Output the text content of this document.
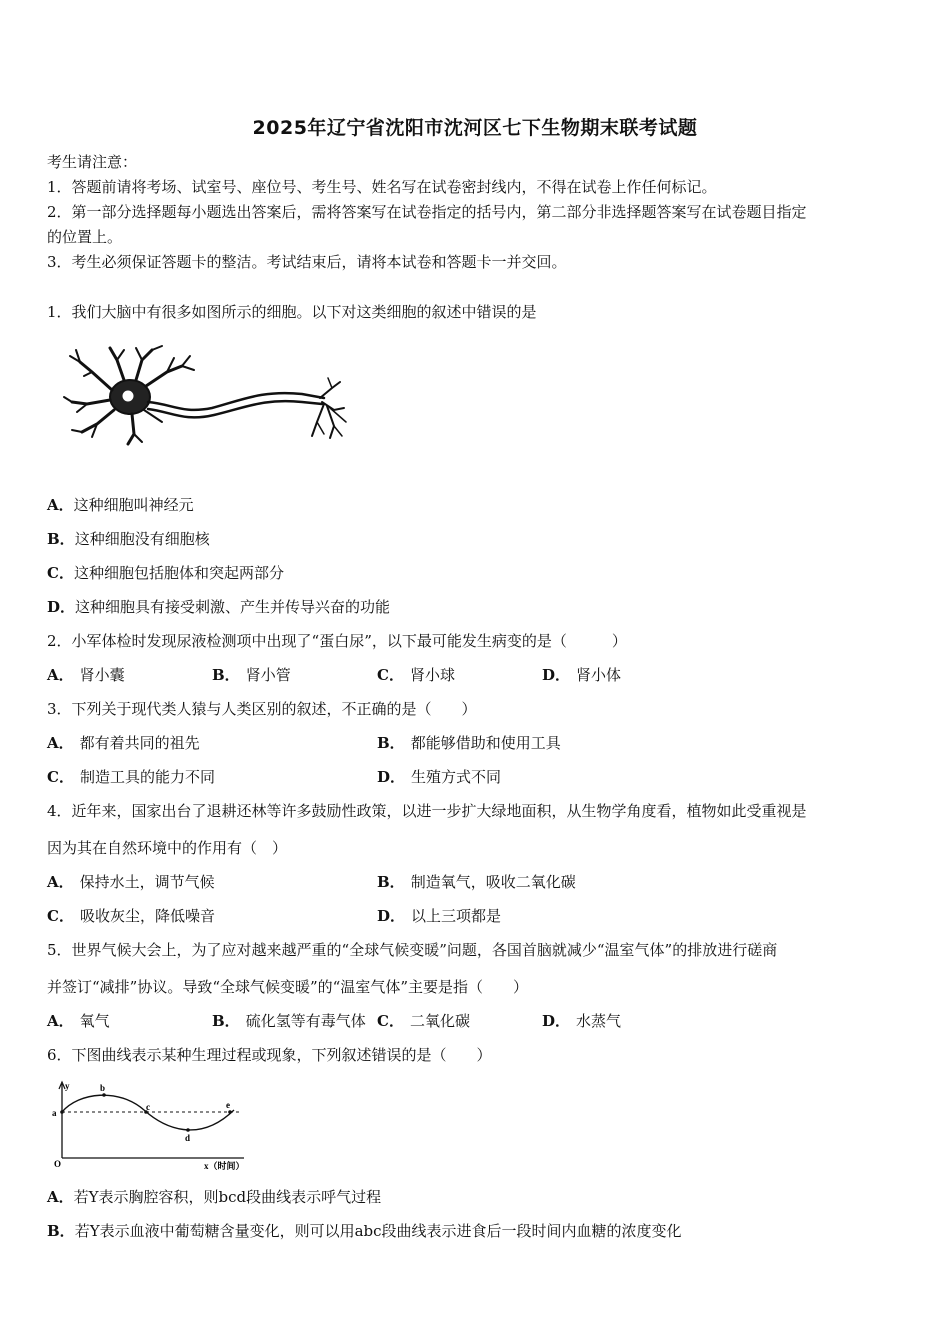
2025年辽宁省沈阳市沈河区七下生物期末联考试题
考生请注意：
1．答题前请将考场、试室号、座位号、考生号、姓名写在试卷密封线内，不得在试卷上作任何标记。
2．第一部分选择题每小题选出答案后，需将答案写在试卷指定的括号内，第二部分非选择题答案写在试卷题目指定
的位置上。
3．考生必须保证答题卡的整洁。考试结束后，请将本试卷和答题卡一并交回。
1．我们大脑中有很多如图所示的细胞。以下对这类细胞的叙述中错误的是
A．这种细胞叫神经元
B．这种细胞没有细胞核
C．这种细胞包括胞体和突起两部分
D．这种细胞具有接受刺激、产生并传导兴奋的功能
2．小军体检时发现尿液检测项中出现了“蛋白尿”，以下最可能发生病变的是（　　　）
A． 肾小囊	B． 肾小管	C． 肾小球	D． 肾小体
3．下列关于现代类人猿与人类区别的叙述，不正确的是（　　）
A． 都有着共同的祖先	B． 都能够借助和使用工具
C． 制造工具的能力不同	D． 生殖方式不同
4．近年来，国家出台了退耕还林等许多鼓励性政策，以进一步扩大绿地面积，从生物学角度看，植物如此受重视是
因为其在自然环境中的作用有（　）
A． 保持水土，调节气候	B． 制造氧气，吸收二氧化碳
C． 吸收灰尘，降低噪音	D． 以上三项都是
5．世界气候大会上，为了应对越来越严重的“全球气候变暖”问题，各国首脑就减少“温室气体”的排放进行磋商
并签订“减排”协议。导致“全球气候变暖”的“温室气体”主要是指（　　）
A． 氧气	B． 硫化氢等有毒气体 C． 二氧化碳	D． 水蒸气
6．下图曲线表示某种生理过程或现象，下列叙述错误的是（　　）
y
a
b
c
d
e
O	x（时间）
A．若Y表示胸腔容积，则bcd段曲线表示呼气过程
B．若Y表示血液中葡萄糖含量变化，则可以用abc段曲线表示进食后一段时间内血糖的浓度变化
